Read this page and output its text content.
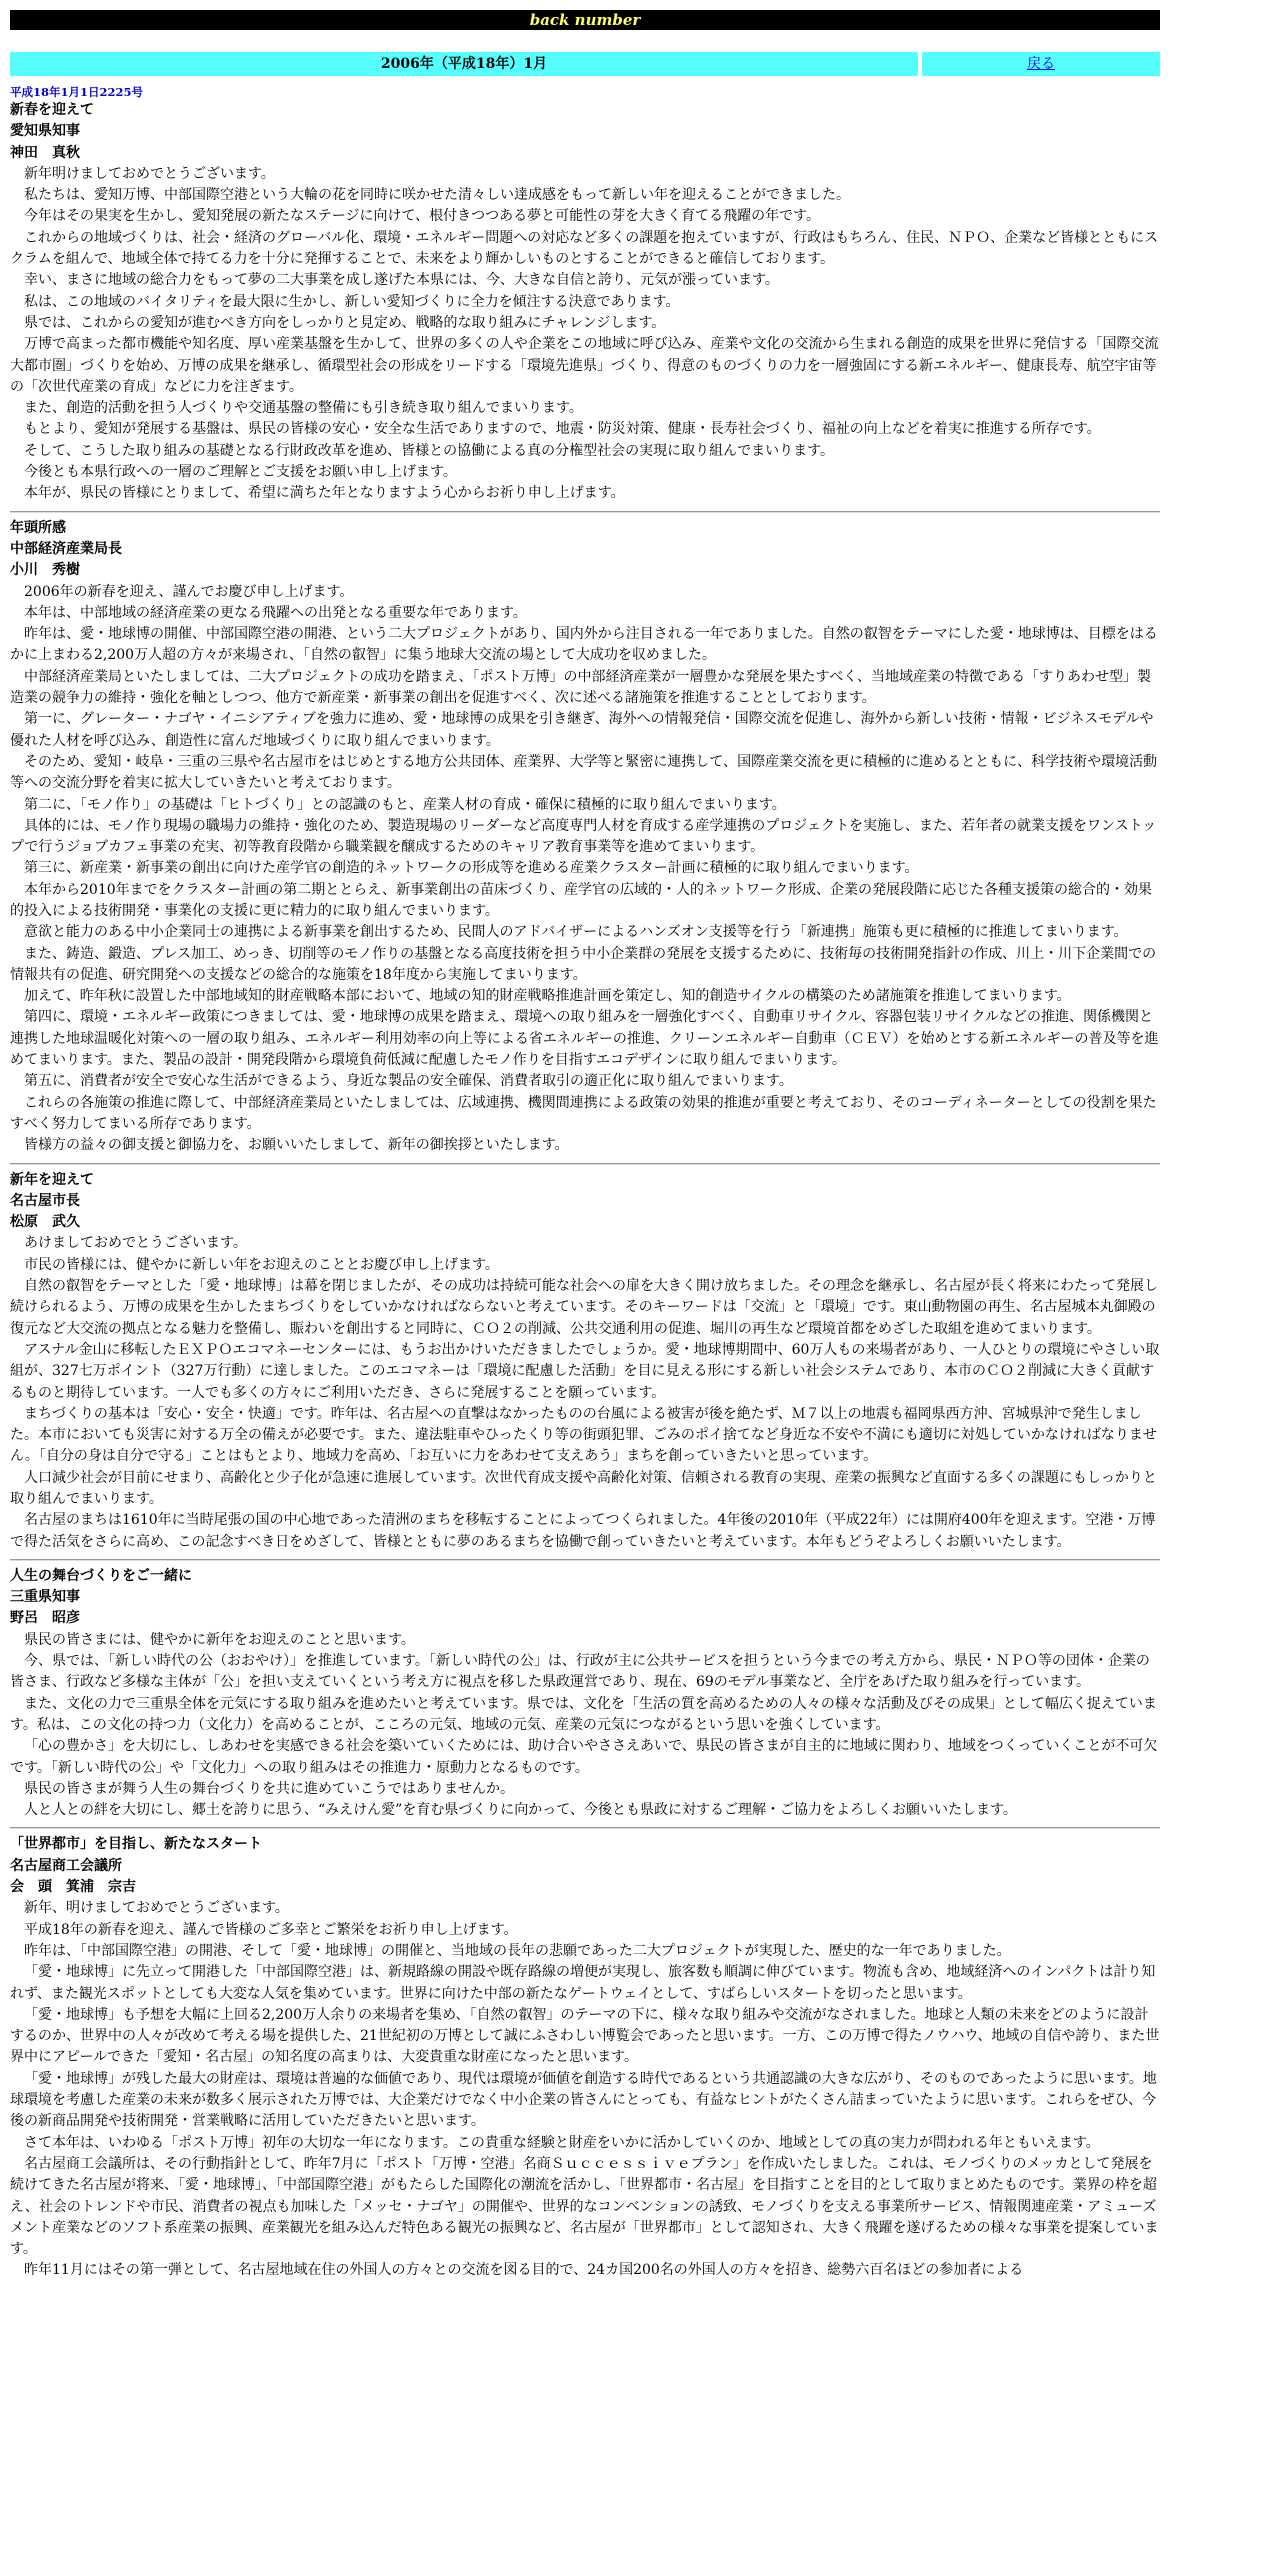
back number
2006年（平成18年）1月	戻る
平成18年1月1日2225号
新春を迎えて
愛知県知事
神田　真秋

新年明けましておめでとうございます。

私たちは、愛知万博、中部国際空港という大輪の花を同時に咲かせた清々しい達成感をもって新しい年を迎えることができました。

今年はその果実を生かし、愛知発展の新たなステージに向けて、根付きつつある夢と可能性の芽を大きく育てる飛躍の年です。

これからの地域づくりは、社会・経済のグローバル化、環境・エネルギー問題への対応など多くの課題を抱えていますが、行政はもちろん、住民、ＮＰＯ、企業など皆様とともにスクラムを組んで、地域全体で持てる力を十分に発揮することで、未来をより輝かしいものとすることができると確信しております。

幸い、まさに地域の総合力をもって夢の二大事業を成し遂げた本県には、今、大きな自信と誇り、元気が漲っています。

私は、この地域のバイタリティを最大限に生かし、新しい愛知づくりに全力を傾注する決意であります。

県では、これからの愛知が進むべき方向をしっかりと見定め、戦略的な取り組みにチャレンジします。

万博で高まった都市機能や知名度、厚い産業基盤を生かして、世界の多くの人や企業をこの地域に呼び込み、産業や文化の交流から生まれる創造的成果を世界に発信する「国際交流大都市圏」づくりを始め、万博の成果を継承し、循環型社会の形成をリードする「環境先進県」づくり、得意のものづくりの力を一層強固にする新エネルギー、健康長寿、航空宇宙等の「次世代産業の育成」などに力を注ぎます。

また、創造的活動を担う人づくりや交通基盤の整備にも引き続き取り組んでまいります。

もとより、愛知が発展する基盤は、県民の皆様の安心・安全な生活でありますので、地震・防災対策、健康・長寿社会づくり、福祉の向上などを着実に推進する所存です。

そして、こうした取り組みの基礎となる行財政改革を進め、皆様との協働による真の分権型社会の実現に取り組んでまいります。

今後とも本県行政への一層のご理解とご支援をお願い申し上げます。

本年が、県民の皆様にとりまして、希望に満ちた年となりますよう心からお祈り申し上げます。

年頭所感
中部経済産業局長
小川　秀樹

2006年の新春を迎え、謹んでお慶び申し上げます。

本年は、中部地域の経済産業の更なる飛躍への出発となる重要な年であります。

昨年は、愛・地球博の開催、中部国際空港の開港、という二大プロジェクトがあり、国内外から注目される一年でありました。自然の叡智をテーマにした愛・地球博は、目標をはるかに上まわる2,200万人超の方々が来場され、「自然の叡智」に集う地球大交流の場として大成功を収めました。

中部経済産業局といたしましては、二大プロジェクトの成功を踏まえ、「ポスト万博」の中部経済産業が一層豊かな発展を果たすべく、当地域産業の特徴である「すりあわせ型」製造業の競争力の維持・強化を軸としつつ、他方で新産業・新事業の創出を促進すべく、次に述べる諸施策を推進することとしております。

第一に、グレーター・ナゴヤ・イニシアティブを強力に進め、愛・地球博の成果を引き継ぎ、海外への情報発信・国際交流を促進し、海外から新しい技術・情報・ビジネスモデルや優れた人材を呼び込み、創造性に富んだ地域づくりに取り組んでまいります。

そのため、愛知・岐阜・三重の三県や名古屋市をはじめとする地方公共団体、産業界、大学等と緊密に連携して、国際産業交流を更に積極的に進めるとともに、科学技術や環境活動等への交流分野を着実に拡大していきたいと考えております。

第二に、「モノ作り」の基礎は「ヒトづくり」との認識のもと、産業人材の育成・確保に積極的に取り組んでまいります。

具体的には、モノ作り現場の職場力の維持・強化のため、製造現場のリーダーなど高度専門人材を育成する産学連携のプロジェクトを実施し、また、若年者の就業支援をワンストップで行うジョブカフェ事業の充実、初等教育段階から職業観を醸成するためのキャリア教育事業等を進めてまいります。

第三に、新産業・新事業の創出に向けた産学官の創造的ネットワークの形成等を進める産業クラスター計画に積極的に取り組んでまいります。

本年から2010年までをクラスター計画の第二期ととらえ、新事業創出の苗床づくり、産学官の広域的・人的ネットワーク形成、企業の発展段階に応じた各種支援策の総合的・効果的投入による技術開発・事業化の支援に更に精力的に取り組んでまいります。

意欲と能力のある中小企業同士の連携による新事業を創出するため、民間人のアドバイザーによるハンズオン支援等を行う「新連携」施策も更に積極的に推進してまいります。

また、鋳造、鍛造、プレス加工、めっき、切削等のモノ作りの基盤となる高度技術を担う中小企業群の発展を支援するために、技術毎の技術開発指針の作成、川上・川下企業間での情報共有の促進、研究開発への支援などの総合的な施策を18年度から実施してまいります。

加えて、昨年秋に設置した中部地域知的財産戦略本部において、地域の知的財産戦略推進計画を策定し、知的創造サイクルの構築のため諸施策を推進してまいります。

第四に、環境・エネルギー政策につきましては、愛・地球博の成果を踏まえ、環境への取り組みを一層強化すべく、自動車リサイクル、容器包装リサイクルなどの推進、関係機関と連携した地球温暖化対策への一層の取り組み、エネルギー利用効率の向上等による省エネルギーの推進、クリーンエネルギー自動車（ＣＥＶ）を始めとする新エネルギーの普及等を進めてまいります。また、製品の設計・開発段階から環境負荷低減に配慮したモノ作りを目指すエコデザインに取り組んでまいります。

第五に、消費者が安全で安心な生活ができるよう、身近な製品の安全確保、消費者取引の適正化に取り組んでまいります。

これらの各施策の推進に際して、中部経済産業局といたしましては、広域連携、機関間連携による政策の効果的推進が重要と考えており、そのコーディネーターとしての役割を果たすべく努力してまいる所存であります。

皆様方の益々の御支援と御協力を、お願いいたしまして、新年の御挨拶といたします。

新年を迎えて
名古屋市長
松原　武久

あけましておめでとうございます。

市民の皆様には、健やかに新しい年をお迎えのこととお慶び申し上げます。

自然の叡智をテーマとした「愛・地球博」は幕を閉じましたが、その成功は持続可能な社会への扉を大きく開け放ちました。その理念を継承し、名古屋が長く将来にわたって発展し続けられるよう、万博の成果を生かしたまちづくりをしていかなければならないと考えています。そのキーワードは「交流」と「環境」です。東山動物園の再生、名古屋城本丸御殿の復元など大交流の拠点となる魅力を整備し、賑わいを創出すると同時に、ＣＯ２の削減、公共交通利用の促進、堀川の再生など環境首都をめざした取組を進めてまいります。

アスナル金山に移転したＥＸＰＯエコマネーセンターには、もうお出かけいただきましたでしょうか。愛・地球博期間中、60万人もの来場者があり、一人ひとりの環境にやさしい取組が、327七万ポイント（327万行動）に達しました。このエコマネーは「環境に配慮した活動」を目に見える形にする新しい社会システムであり、本市のＣＯ２削減に大きく貢献するものと期待しています。一人でも多くの方々にご利用いただき、さらに発展することを願っています。

まちづくりの基本は「安心・安全・快適」です。昨年は、名古屋への直撃はなかったものの台風による被害が後を絶たず、Ｍ７以上の地震も福岡県西方沖、宮城県沖で発生しました。本市においても災害に対する万全の備えが必要です。また、違法駐車やひったくり等の街頭犯罪、ごみのポイ捨てなど身近な不安や不満にも適切に対処していかなければなりません。「自分の身は自分で守る」ことはもとより、地域力を高め、「お互いに力をあわせて支えあう」まちを創っていきたいと思っています。

人口減少社会が目前にせまり、高齢化と少子化が急速に進展しています。次世代育成支援や高齢化対策、信頼される教育の実現、産業の振興など直面する多くの課題にもしっかりと取り組んでまいります。

名古屋のまちは1610年に当時尾張の国の中心地であった清洲のまちを移転することによってつくられました。4年後の2010年（平成22年）には開府400年を迎えます。空港・万博で得た活気をさらに高め、この記念すべき日をめざして、皆様とともに夢のあるまちを協働で創っていきたいと考えています。本年もどうぞよろしくお願いいたします。

人生の舞台づくりをご一緒に
三重県知事
野呂　昭彦

県民の皆さまには、健やかに新年をお迎えのことと思います。

今、県では、「新しい時代の公（おおやけ）」を推進しています。「新しい時代の公」は、行政が主に公共サービスを担うという今までの考え方から、県民・ＮＰＯ等の団体・企業の皆さま、行政など多様な主体が「公」を担い支えていくという考え方に視点を移した県政運営であり、現在、69のモデル事業など、全庁をあげた取り組みを行っています。

また、文化の力で三重県全体を元気にする取り組みを進めたいと考えています。県では、文化を「生活の質を高めるための人々の様々な活動及びその成果」として幅広く捉えています。私は、この文化の持つ力（文化力）を高めることが、こころの元気、地域の元気、産業の元気につながるという思いを強くしています。

「心の豊かさ」を大切にし、しあわせを実感できる社会を築いていくためには、助け合いやささえあいで、県民の皆さまが自主的に地域に関わり、地域をつくっていくことが不可欠です。「新しい時代の公」や「文化力」への取り組みはその推進力・原動力となるものです。

県民の皆さまが舞う人生の舞台づくりを共に進めていこうではありませんか。

人と人との絆を大切にし、郷土を誇りに思う、“みえけん愛”を育む県づくりに向かって、今後とも県政に対するご理解・ご協力をよろしくお願いいたします。

「世界都市」を目指し、新たなスタート
名古屋商工会議所
会　頭　箕浦　宗吉

新年、明けましておめでとうございます。

平成18年の新春を迎え、謹んで皆様のご多幸とご繁栄をお祈り申し上げます。

昨年は、「中部国際空港」の開港、そして「愛・地球博」の開催と、当地域の長年の悲願であった二大プロジェクトが実現した、歴史的な一年でありました。

「愛・地球博」に先立って開港した「中部国際空港」は、新規路線の開設や既存路線の増便が実現し、旅客数も順調に伸びています。物流も含め、地域経済へのインパクトは計り知れず、また観光スポットとしても大変な人気を集めています。世界に向けた中部の新たなゲートウェイとして、すばらしいスタートを切ったと思います。

「愛・地球博」も予想を大幅に上回る2,200万人余りの来場者を集め、「自然の叡智」のテーマの下に、様々な取り組みや交流がなされました。地球と人類の未来をどのように設計するのか、世界中の人々が改めて考える場を提供した、21世紀初の万博として誠にふさわしい博覧会であったと思います。一方、この万博で得たノウハウ、地域の自信や誇り、また世界中にアピールできた「愛知・名古屋」の知名度の高まりは、大変貴重な財産になったと思います。

「愛・地球博」が残した最大の財産は、環境は普遍的な価値であり、現代は環境が価値を創造する時代であるという共通認識の大きな広がり、そのものであったように思います。地球環境を考慮した産業の未来が数多く展示された万博では、大企業だけでなく中小企業の皆さんにとっても、有益なヒントがたくさん詰まっていたように思います。これらをぜひ、今後の新商品開発や技術開発・営業戦略に活用していただきたいと思います。

さて本年は、いわゆる「ポスト万博」初年の大切な一年になります。この貴重な経験と財産をいかに活かしていくのか、地域としての真の実力が問われる年ともいえます。

名古屋商工会議所は、その行動指針として、昨年7月に「ポスト「万博・空港」名商Ｓｕｃｃｅｓｓｉｖｅプラン」を作成いたしました。これは、モノづくりのメッカとして発展を続けてきた名古屋が将来、「愛・地球博」、「中部国際空港」がもたらした国際化の潮流を活かし、「世界都市・名古屋」を目指すことを目的として取りまとめたものです。業界の枠を超え、社会のトレンドや市民、消費者の視点も加味した「メッセ・ナゴヤ」の開催や、世界的なコンベンションの誘致、モノづくりを支える事業所サービス、情報関連産業・アミューズメント産業などのソフト系産業の振興、産業観光を組み込んだ特色ある観光の振興など、名古屋が「世界都市」として認知され、大きく飛躍を遂げるための様々な事業を提案しています。

昨年11月にはその第一弾として、名古屋地域在住の外国人の方々との交流を図る目的で、24カ国200名の外国人の方々を招き、総勢六百名ほどの参加者による
